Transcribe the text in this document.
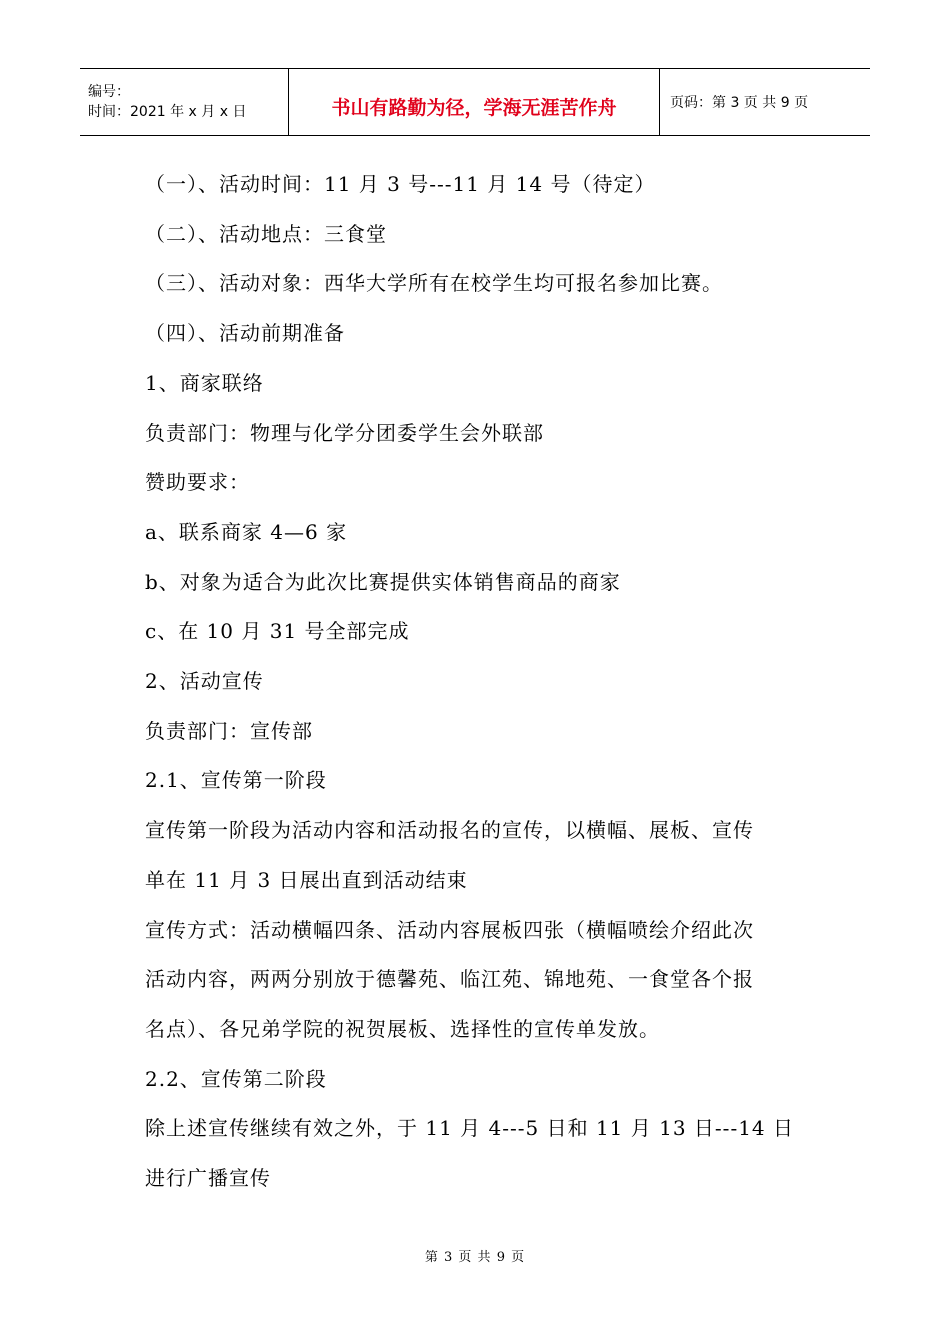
编号：
时间：2021 年 x 月 x 日	书山有路勤为径，学海无涯苦作舟	页码：第 3 页 共 9 页

（一）、活动时间：11 月 3 号---11 月 14 号（待定）

（二）、活动地点：三食堂

（三）、活动对象：西华大学所有在校学生均可报名参加比赛。

（四）、活动前期准备

1、商家联络

负责部门：物理与化学分团委学生会外联部

赞助要求：

a、联系商家 4—6 家

b、对象为适合为此次比赛提供实体销售商品的商家

c、在 10 月 31 号全部完成

2、活动宣传

负责部门：宣传部

2.1、宣传第一阶段

宣传第一阶段为活动内容和活动报名的宣传，以横幅、展板、宣传

单在 11 月 3 日展出直到活动结束

宣传方式：活动横幅四条、活动内容展板四张（横幅喷绘介绍此次

活动内容，两两分别放于德馨苑、临江苑、锦地苑、一食堂各个报

名点）、各兄弟学院的祝贺展板、选择性的宣传单发放。

2.2、宣传第二阶段

除上述宣传继续有效之外，于 11 月 4---5 日和 11 月 13 日---14 日

进行广播宣传

第 3 页 共 9 页
